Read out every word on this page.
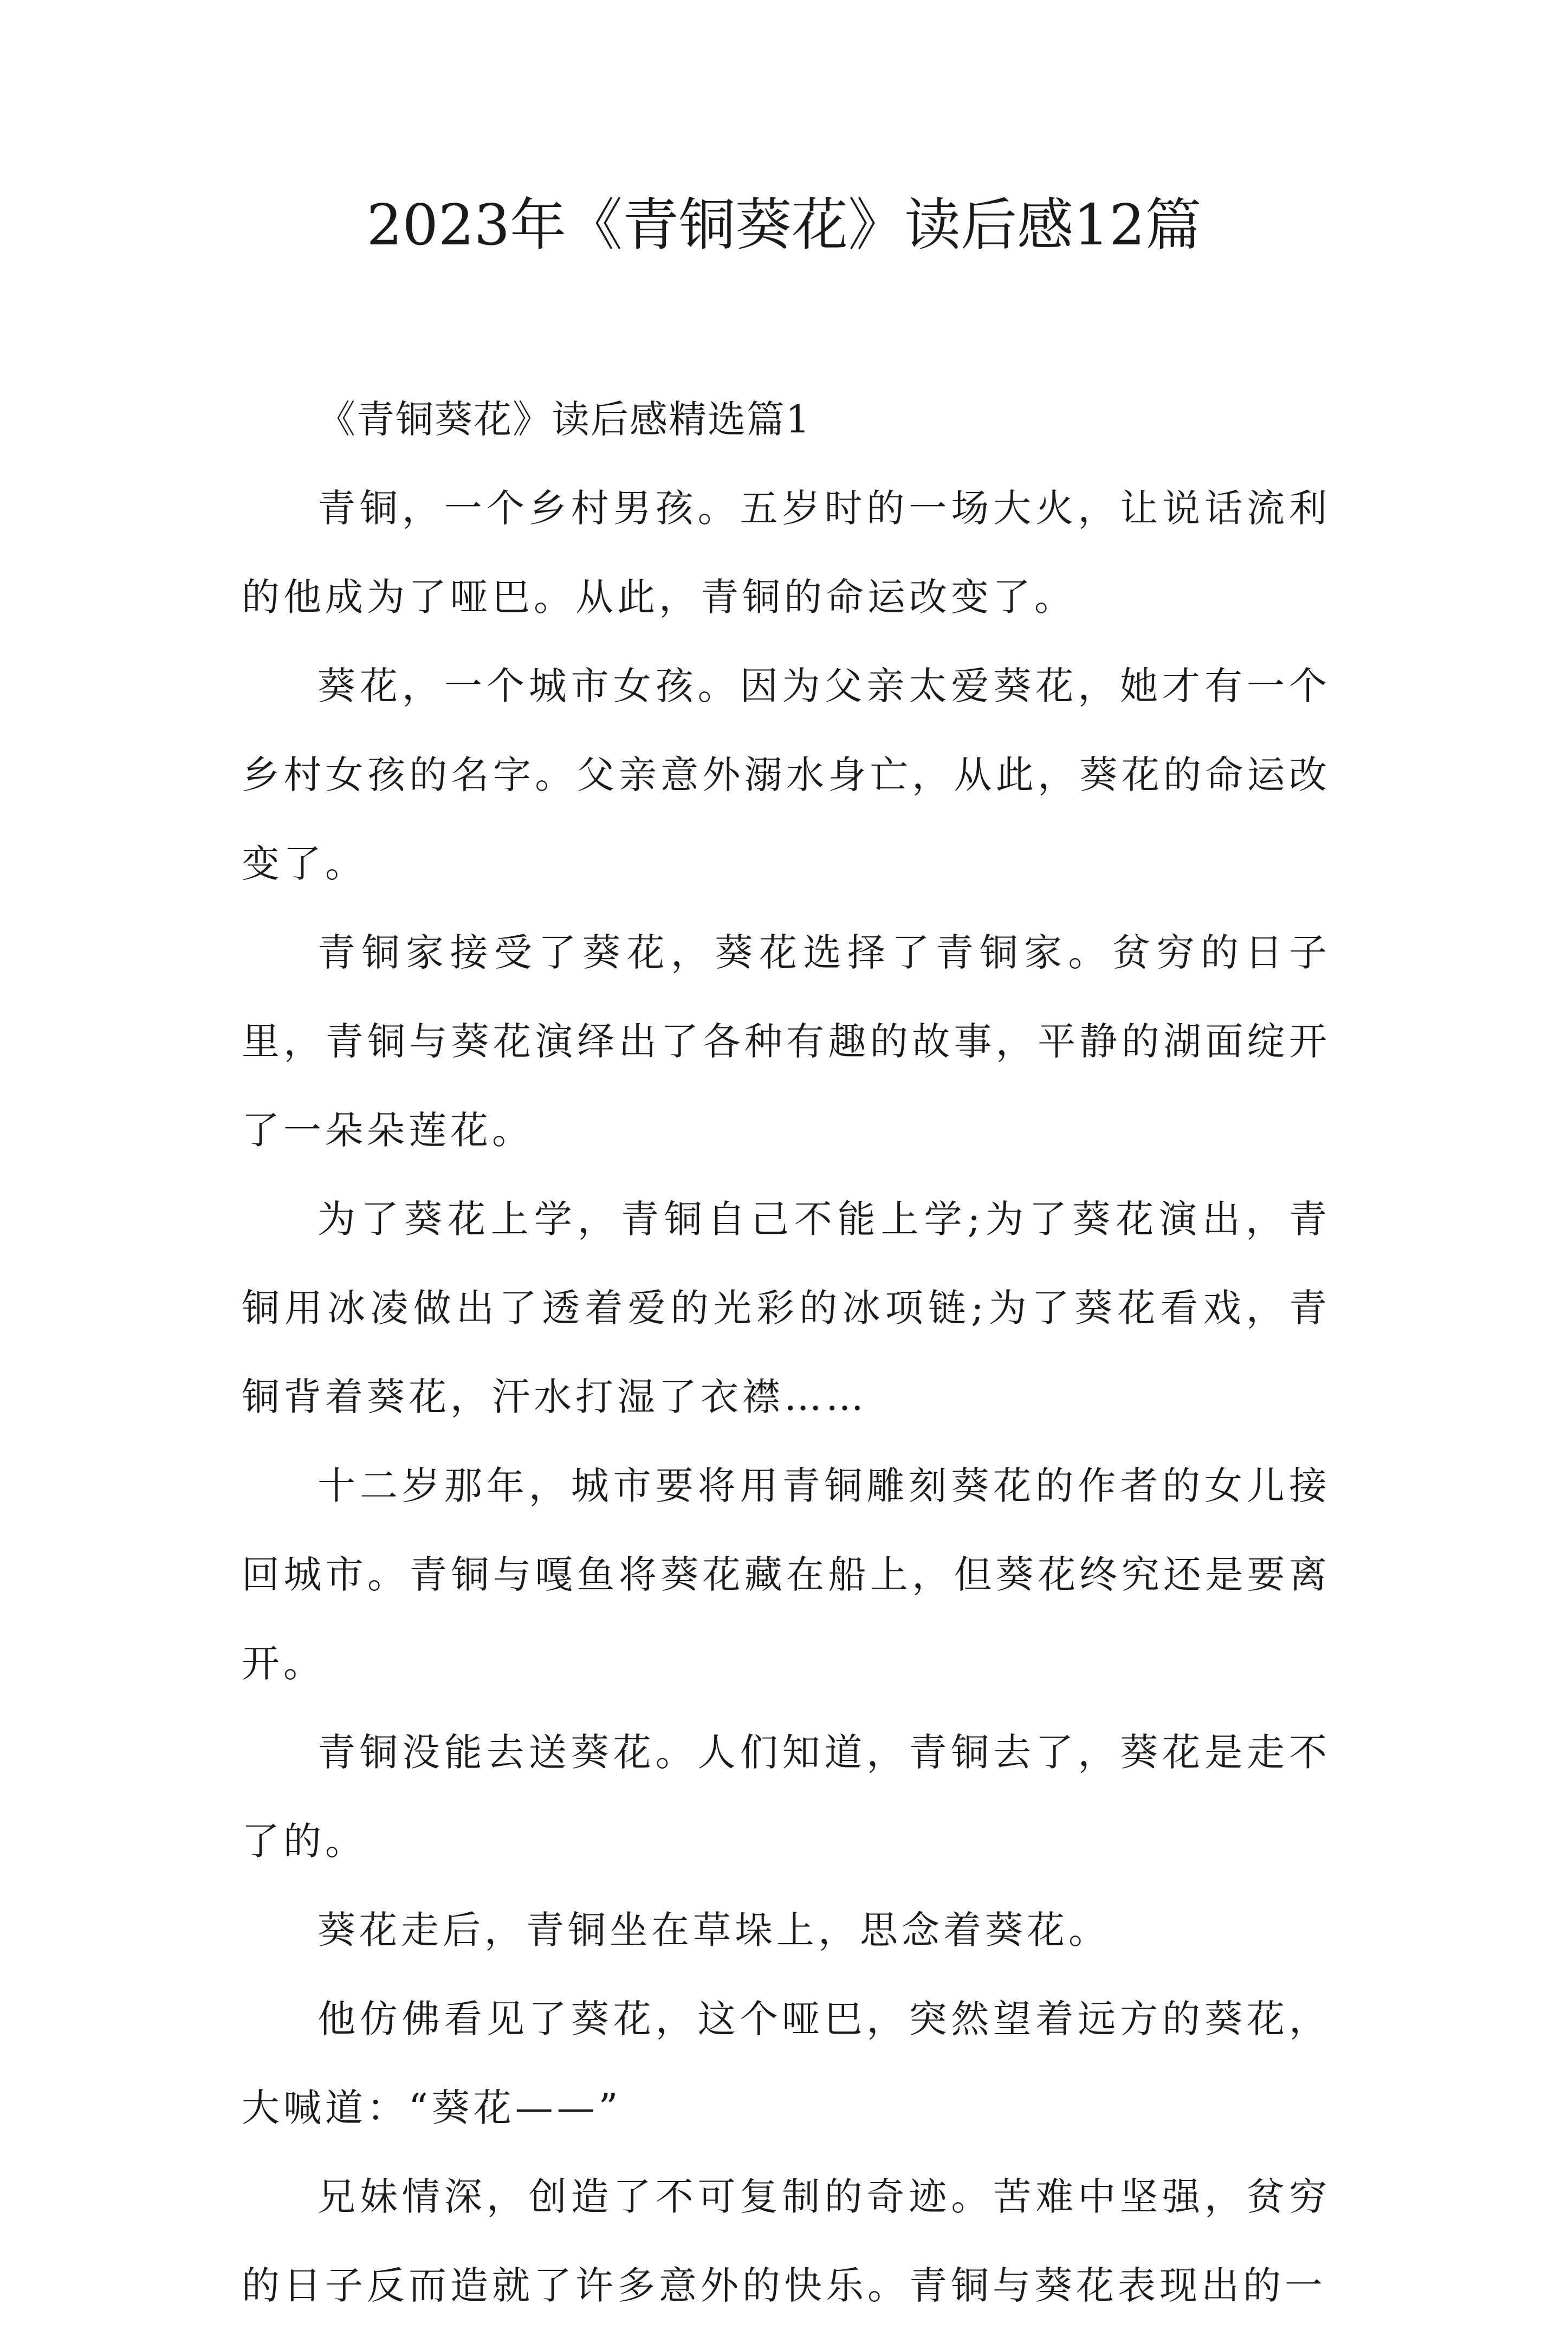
2023年《青铜葵花》读后感12篇

《青铜葵花》读后感精选篇1

青铜，一个乡村男孩。五岁时的一场大火，让说话流利的他成为了哑巴。从此，青铜的命运改变了。

葵花，一个城市女孩。因为父亲太爱葵花，她才有一个乡村女孩的名字。父亲意外溺水身亡，从此，葵花的命运改变了。

青铜家接受了葵花，葵花选择了青铜家。贫穷的日子里，青铜与葵花演绎出了各种有趣的故事，平静的湖面绽开了一朵朵莲花。

为了葵花上学，青铜自己不能上学;为了葵花演出，青铜用冰凌做出了透着爱的光彩的冰项链;为了葵花看戏，青铜背着葵花，汗水打湿了衣襟……

十二岁那年，城市要将用青铜雕刻葵花的作者的女儿接回城市。青铜与嘎鱼将葵花藏在船上，但葵花终究还是要离开。

青铜没能去送葵花。人们知道，青铜去了，葵花是走不了的。

葵花走后，青铜坐在草垛上，思念着葵花。

他仿佛看见了葵花，这个哑巴，突然望着远方的葵花，大喊道：“葵花——”

兄妹情深，创造了不可复制的奇迹。苦难中坚强，贫穷的日子反而造就了许多意外的快乐。青铜与葵花表现出的一
